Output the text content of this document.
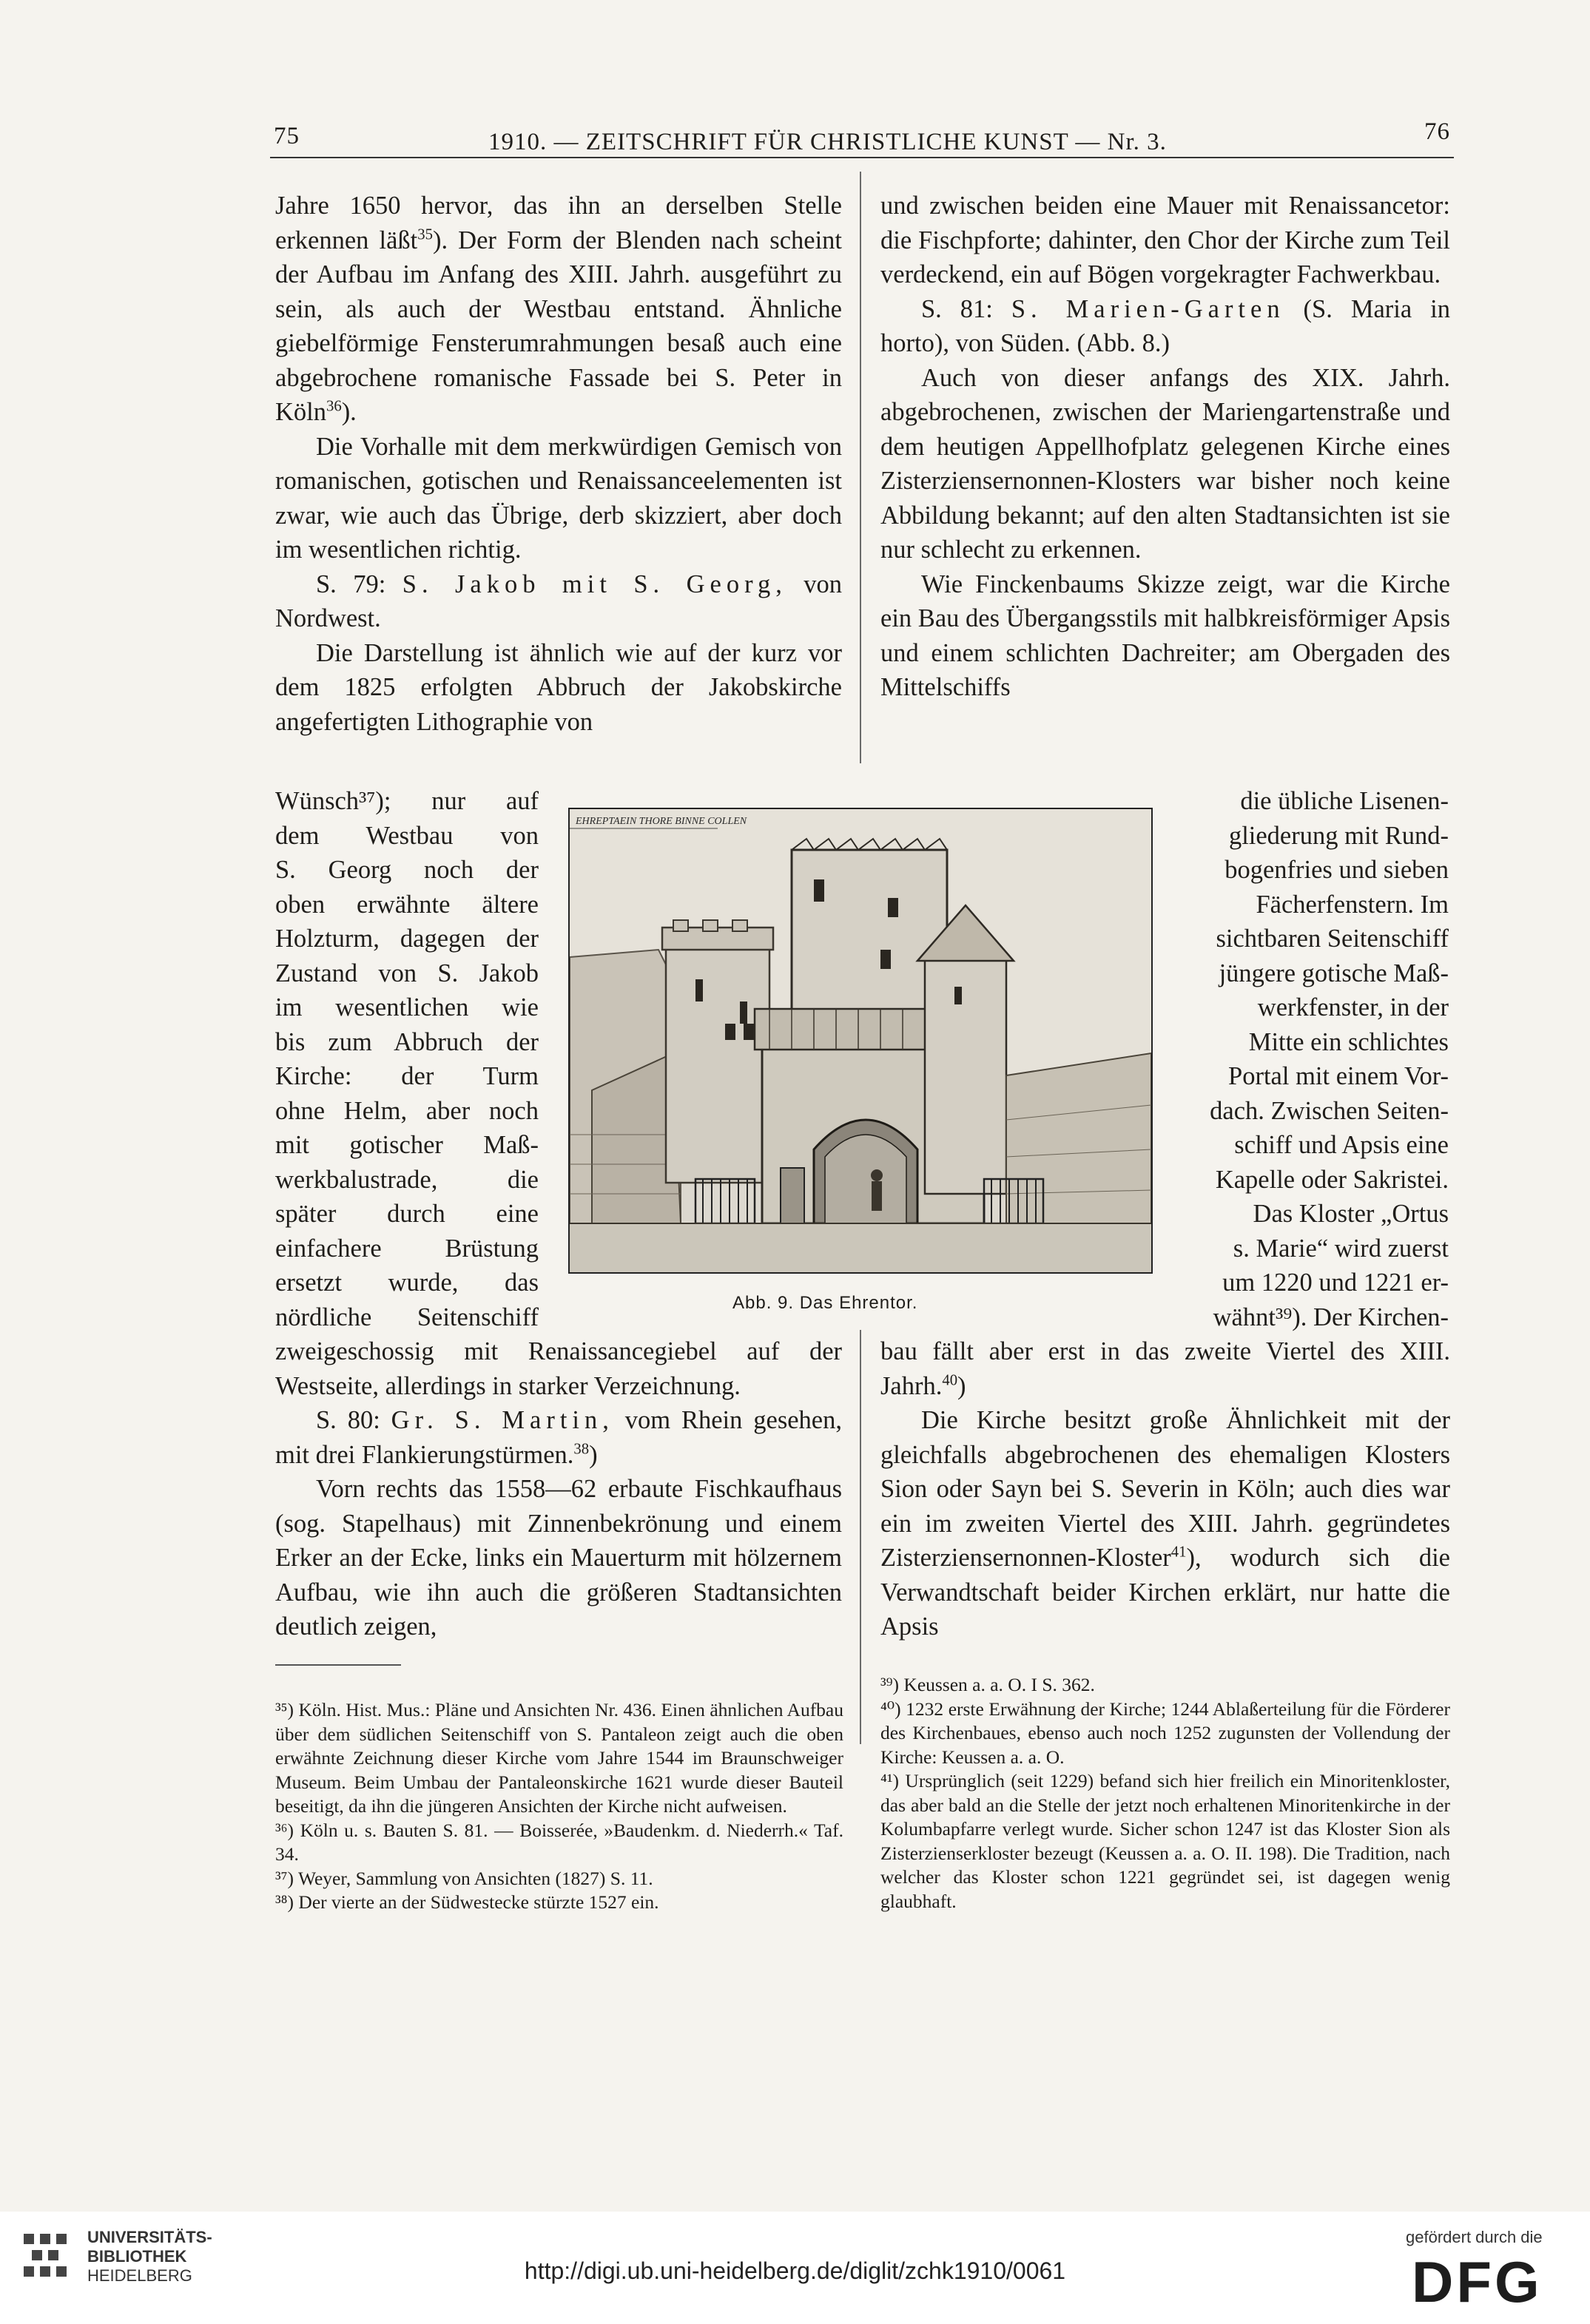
75	1910. — ZEITSCHRIFT FÜR CHRISTLICHE KUNST — Nr. 3.	76

Jahre 1650 hervor, das ihn an derselben Stelle erkennen läßt$^{35}$). Der Form der Blenden nach scheint der Aufbau im Anfang des XIII. Jahrh. ausgeführt zu sein, als auch der Westbau entstand. Ähnliche giebelförmige Fensterumrahmungen besaß auch eine abgebrochene romanische Fassade bei S. Peter in Köln$^{36}$).

Die Vorhalle mit dem merkwürdigen Gemisch von romanischen, gotischen und Renaissanceelementen ist zwar, wie auch das Übrige, derb skizziert, aber doch im wesentlichen richtig.

S. 79: S. Jakob mit S. Georg, von Nordwest.

Die Darstellung ist ähnlich wie auf der kurz vor dem 1825 erfolgten Abbruch der Jakobskirche angefertigten Lithographie von

Wünsch³⁷); nur auf
dem Westbau von
S. Georg noch der
oben erwähnte ältere
Holzturm, dagegen der
Zustand von S. Jakob
im wesentlichen wie
bis zum Abbruch der
Kirche: der Turm
ohne Helm, aber noch
mit gotischer Maß-
werkbalustrade, die
später durch eine
einfachere Brüstung
ersetzt wurde, das
nördliche Seitenschiff
EHREPTAEIN THORE BINNE COLLEN
Abb. 9. Das Ehrentor.
die übliche Lisenen-
gliederung mit Rund-
bogenfries und sieben
Fächerfenstern. Im
sichtbaren Seitenschiff
jüngere gotische Maß-
werkfenster, in der
Mitte ein schlichtes
Portal mit einem Vor-
dach. Zwischen Seiten-
schiff und Apsis eine
Kapelle oder Sakristei.
Das Kloster „Ortus
s. Marie“ wird zuerst
um 1220 und 1221 er-
wähnt³⁹). Der Kirchen-

zweigeschossig mit Renaissancegiebel auf der Westseite, allerdings in starker Verzeichnung.

S. 80: Gr. S. Martin, vom Rhein gesehen, mit drei Flankierungstürmen.$^{38}$)

Vorn rechts das 1558—62 erbaute Fischkaufhaus (sog. Stapelhaus) mit Zinnenbekrönung und einem Erker an der Ecke, links ein Mauerturm mit hölzernem Aufbau, wie ihn auch die größeren Stadtansichten deutlich zeigen,

und zwischen beiden eine Mauer mit Renaissancetor: die Fischpforte; dahinter, den Chor der Kirche zum Teil verdeckend, ein auf Bögen vorgekragter Fachwerkbau.

S. 81: S. Marien-Garten (S. Maria in horto), von Süden. (Abb. 8.)

Auch von dieser anfangs des XIX. Jahrh. abgebrochenen, zwischen der Mariengartenstraße und dem heutigen Appellhofplatz gelegenen Kirche eines Zisterziensernonnen-Klosters war bisher noch keine Abbildung bekannt; auf den alten Stadtansichten ist sie nur schlecht zu erkennen.

Wie Finckenbaums Skizze zeigt, war die Kirche ein Bau des Übergangsstils mit halbkreisförmiger Apsis und einem schlichten Dachreiter; am Obergaden des Mittelschiffs

bau fällt aber erst in das zweite Viertel des XIII. Jahrh.$^{40}$)

Die Kirche besitzt große Ähnlichkeit mit der gleichfalls abgebrochenen des ehemaligen Klosters Sion oder Sayn bei S. Severin in Köln; auch dies war ein im zweiten Viertel des XIII. Jahrh. gegründetes Zisterziensernonnen-Kloster$^{41}$), wodurch sich die Verwandtschaft beider Kirchen erklärt, nur hatte die Apsis

³⁵) Köln. Hist. Mus.: Pläne und Ansichten Nr. 436. Einen ähnlichen Aufbau über dem südlichen Seitenschiff von S. Pantaleon zeigt auch die oben erwähnte Zeichnung dieser Kirche vom Jahre 1544 im Braunschweiger Museum. Beim Umbau der Pantaleonskirche 1621 wurde dieser Bauteil beseitigt, da ihn die jüngeren Ansichten der Kirche nicht aufweisen.

³⁶) Köln u. s. Bauten S. 81. — Boisserée, »Baudenkm. d. Niederrh.« Taf. 34.

³⁷) Weyer, Sammlung von Ansichten (1827) S. 11.

³⁸) Der vierte an der Südwestecke stürzte 1527 ein.

³⁹) Keussen a. a. O. I S. 362.

⁴⁰) 1232 erste Erwähnung der Kirche; 1244 Ablaßerteilung für die Förderer des Kirchenbaues, ebenso auch noch 1252 zugunsten der Vollendung der Kirche: Keussen a. a. O.

⁴¹) Ursprünglich (seit 1229) befand sich hier freilich ein Minoritenkloster, das aber bald an die Stelle der jetzt noch erhaltenen Minoritenkirche in der Kolumbapfarre verlegt wurde. Sicher schon 1247 ist das Kloster Sion als Zisterzienserkloster bezeugt (Keussen a. a. O. II. 198). Die Tradition, nach welcher das Kloster schon 1221 gegründet sei, ist dagegen wenig glaubhaft.

UNIVERSITÄTS-
BIBLIOTHEK
HEIDELBERG	http://digi.ub.uni-heidelberg.de/diglit/zchk1910/0061
gefördert durch die
DFG
